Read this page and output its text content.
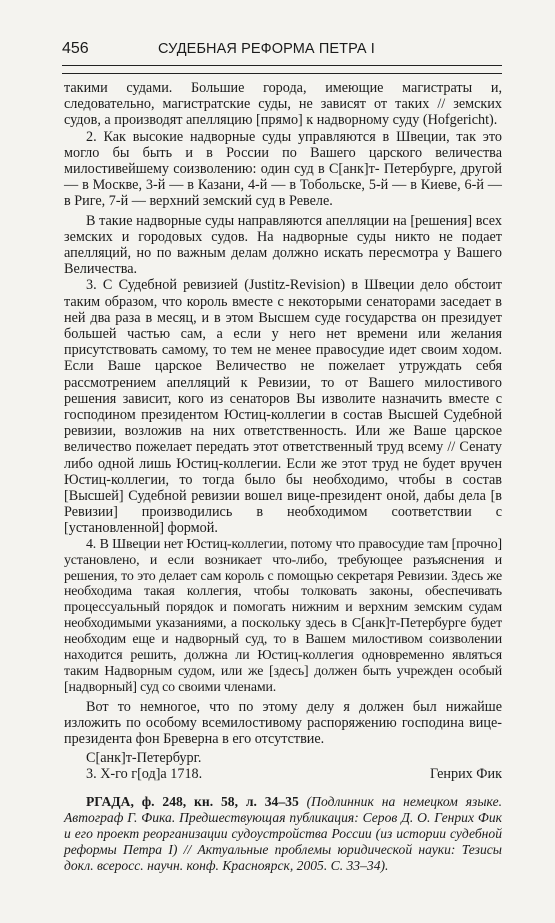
456	СУДЕБНАЯ РЕФОРМА ПЕТРА I

такими судами. Большие города, имеющие магистраты и, следовательно, магистратские суды, не зависят от таких // земских судов, а производят апелляцию [прямо] к надворному суду (Hofgericht).

2. Как высокие надворные суды управляются в Швеции, так это могло бы быть и в России по Вашего царского величества милостивейшему соизволению: один суд в С[анк]т- Петербурге, другой — в Москве, 3-й — в Казани, 4-й — в Тобольске, 5-й — в Киеве, 6-й — в Риге, 7-й — верхний земский суд в Ревеле.

В такие надворные суды направляются апелляции на [решения] всех земских и городовых судов. На надворные суды никто не подает апелляций, но по важным делам должно искать пересмотра у Вашего Величества.

3. С Судебной ревизией (Justitz-Revision) в Швеции дело обстоит таким образом, что король вместе с некоторыми сенаторами заседает в ней два раза в месяц, и в этом Высшем суде государства он президует большей частью сам, а если у него нет времени или желания присутствовать самому, то тем не менее правосудие идет своим ходом. Если Ваше царское Величество не пожелает утруждать себя рассмотрением апелляций к Ревизии, то от Вашего милостивого решения зависит, кого из сенаторов Вы изволите назначить вместе с господином президентом Юстиц-коллегии в состав Высшей Судебной ревизии, возложив на них ответственность. Или же Ваше царское величество пожелает передать этот ответственный труд всему // Сенату либо одной лишь Юстиц-коллегии. Если же этот труд не будет вручен Юстиц-коллегии, то тогда было бы необходимо, чтобы в состав [Высшей] Судебной ревизии вошел вице-президент оной, дабы дела [в Ревизии] производились в необходимом соответствии с [установленной] формой.

4. В Швеции нет Юстиц-коллегии, потому что правосудие там [прочно] установлено, и если возникает что-либо, требующее разъяснения и решения, то это делает сам король с помощью секретаря Ревизии. Здесь же необходима такая коллегия, чтобы толковать законы, обеспечивать процессуальный порядок и помогать нижним и верхним земским судам необходимыми указаниями, а поскольку здесь в С[анк]т-Петербурге будет необходим еще и надворный суд, то в Вашем милостивом соизволении находится решить, должна ли Юстиц-коллегия одновременно являться таким Надворным судом, или же [здесь] должен быть учрежден особый [надворный] суд со своими членами.

Вот то немногое, что по этому делу я должен был нижайше изложить по особому всемилостивому распоряжению господина вице-президента фон Бреверна в его отсутствие.

С[анк]т-Петербург.
3. Х-го г[од]а 1718.	Генрих Фик

РГАДА, ф. 248, кн. 58, л. 34–35 (Подлинник на немецком языке. Автограф Г. Фика. Предшествующая публикация: Серов Д. О. Генрих Фик и его проект реорганизации судоустройства России (из истории судебной реформы Петра I) // Актуальные проблемы юридической науки: Тезисы докл. всеросс. научн. конф. Красноярск, 2005. С. 33–34).
